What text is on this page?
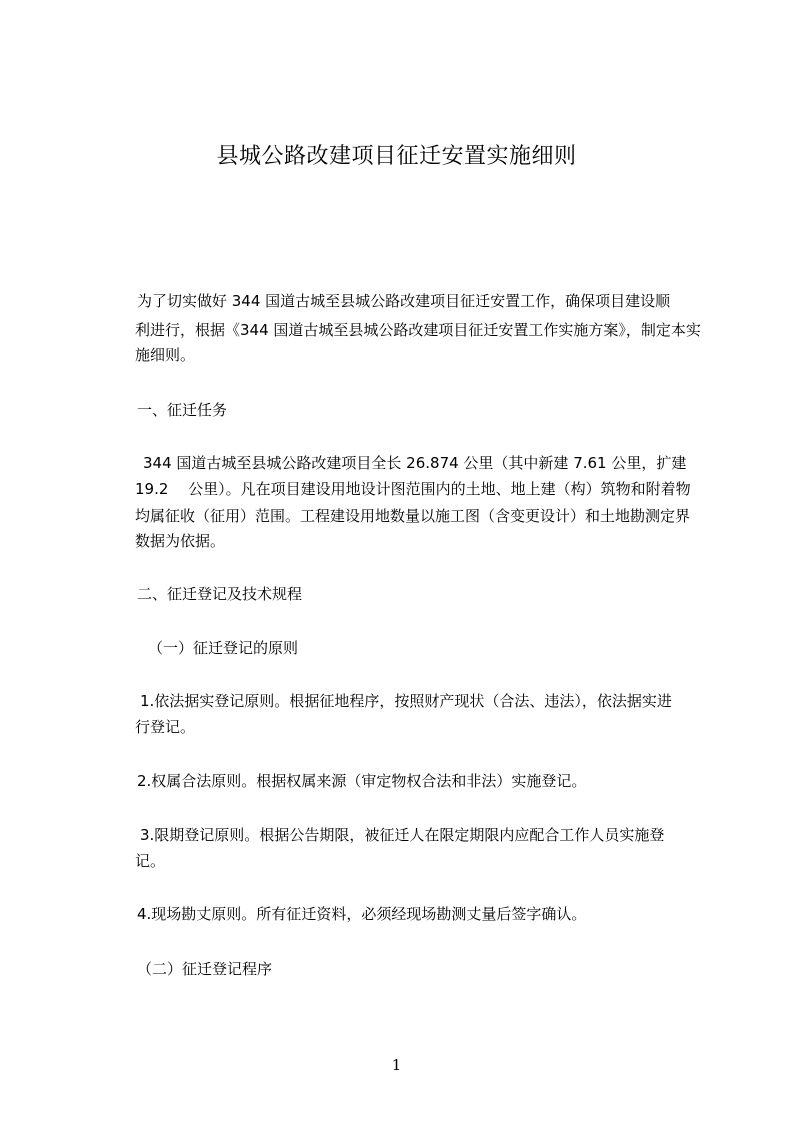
县城公路改建项目征迁安置实施细则
为了切实做好 344 国道古城至县城公路改建项目征迁安置工作，确保项目建设顺
利进行，根据《344 国道古城至县城公路改建项目征迁安置工作实施方案》，制定本实
施细则。
一、征迁任务
344 国道古城至县城公路改建项目全长 26.874 公里（其中新建 7.61 公里，扩建
19.2　 公里）。凡在项目建设用地设计图范围内的土地、地上建（构）筑物和附着物
均属征收（征用）范围。工程建设用地数量以施工图（含变更设计）和土地勘测定界
数据为依据。
二、征迁登记及技术规程
（一）征迁登记的原则
1.依法据实登记原则。根据征地程序，按照财产现状（合法、违法），依法据实进
行登记。
2.权属合法原则。根据权属来源（审定物权合法和非法）实施登记。
3.限期登记原则。根据公告期限，被征迁人在限定期限内应配合工作人员实施登
记。
4.现场勘丈原则。所有征迁资料，必须经现场勘测丈量后签字确认。
（二）征迁登记程序
1
